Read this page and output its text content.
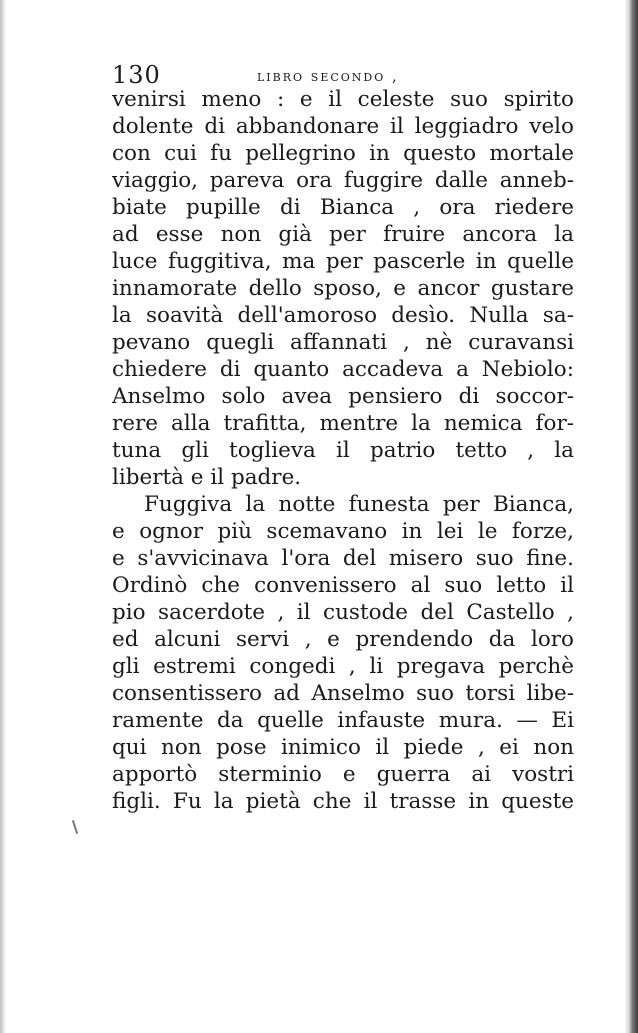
130	libro secondo ,
venirsi meno : e il celeste suo spirito
dolente di abbandonare il leggiadro velo
con cui fu pellegrino in questo mortale
viaggio, pareva ora fuggire dalle anneb-
biate pupille di Bianca , ora riedere
ad esse non già per fruire ancora la
luce fuggitiva, ma per pascerle in quelle
innamorate dello sposo, e ancor gustare
la soavità dell'amoroso desìo. Nulla sa-
pevano quegli affannati , nè curavansi
chiedere di quanto accadeva a Nebiolo:
Anselmo solo avea pensiero di soccor-
rere alla trafitta, mentre la nemica for-
tuna gli toglieva il patrio tetto , la
libertà e il padre.
Fuggiva la notte funesta per Bianca,
e ognor più scemavano in lei le forze,
e s'avvicinava l'ora del misero suo fine.
Ordinò che convenissero al suo letto il
pio sacerdote , il custode del Castello ,
ed alcuni servi , e prendendo da loro
gli estremi congedi , li pregava perchè
consentissero ad Anselmo suo torsi libe-
ramente da quelle infauste mura. — Ei
qui non pose inimico il piede , ei non
apportò sterminio e guerra ai vostri
figli. Fu la pietà che il trasse in queste
